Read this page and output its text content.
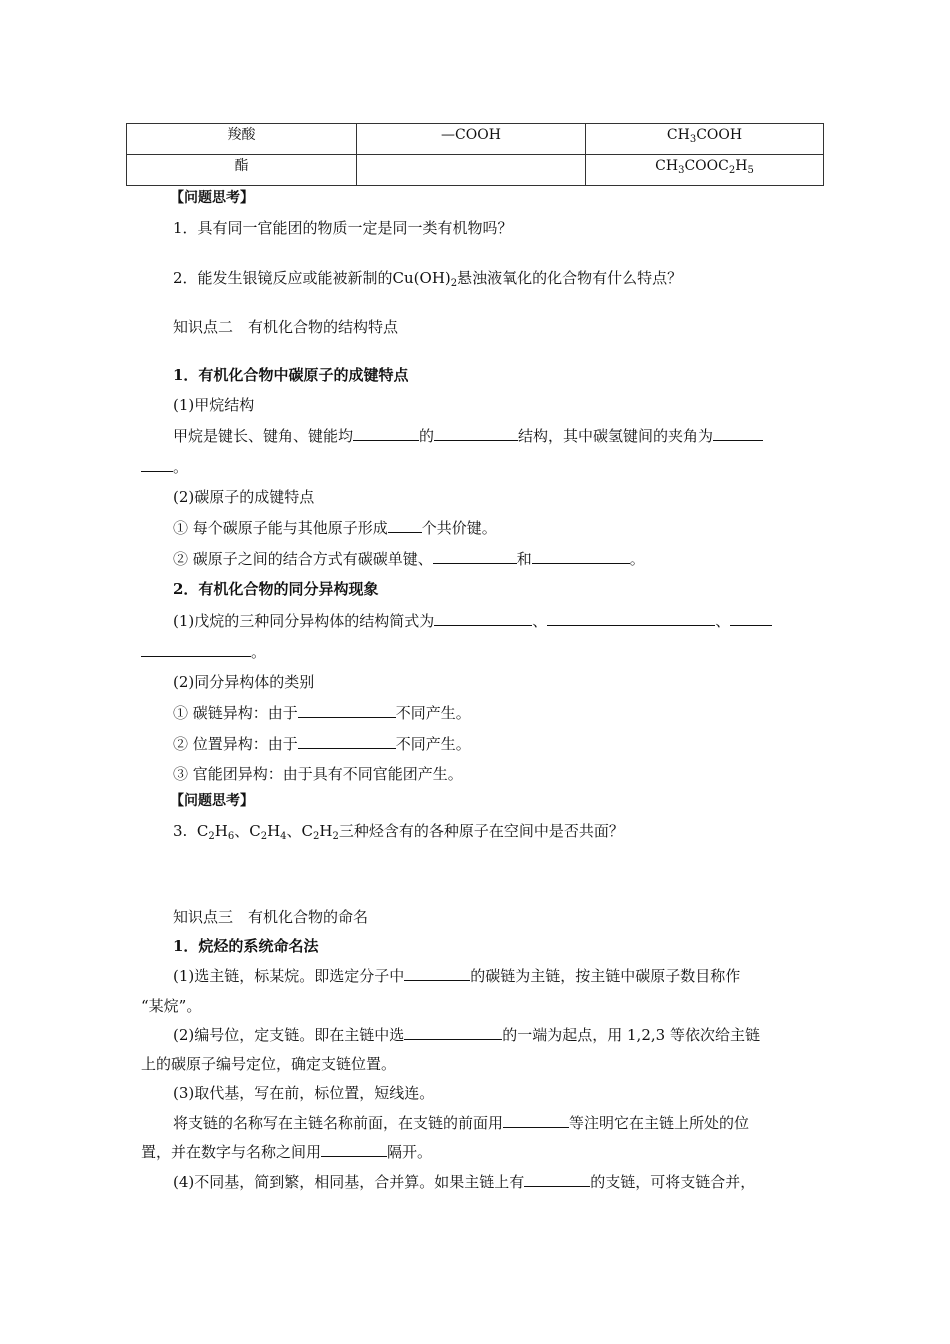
羧酸	—COOH	$CH_3COOH$
酯		$CH_3COOC_2H_5$
【问题思考】
1．具有同一官能团的物质一定是同一类有机物吗？
2．能发生银镜反应或能被新制的$Cu(OH)_2$悬浊液氧化的化合物有什么特点？
知识点二　有机化合物的结构特点
1．有机化合物中碳原子的成键特点
(1)甲烷结构
甲烷是键长、键角、键能均	的	结构，其中碳氢键间的夹角为
。
(2)碳原子的成键特点
① 每个碳原子能与其他原子形成 个共价键。
② 碳原子之间的结合方式有碳碳单键、	和	。
2．有机化合物的同分异构现象
(1)戊烷的三种同分异构体的结构简式为	、	、
。
(2)同分异构体的类别
① 碳链异构：由于	不同产生。
② 位置异构：由于	不同产生。
③ 官能团异构：由于具有不同官能团产生。
【问题思考】
3. $C_2H_6$、$C_2H_4$、$C_2H_2$三种烃含有的各种原子在空间中是否共面？
知识点三　有机化合物的命名
1．烷烃的系统命名法
(1)选主链，标某烷。即选定分子中	的碳链为主链，按主链中碳原子数目称作
“某烷”。
(2)编号位，定支链。即在主链中选	的一端为起点，用 1,2,3 等依次给主链
上的碳原子编号定位，确定支链位置。
(3)取代基，写在前，标位置，短线连。
将支链的名称写在主链名称前面，在支链的前面用	等注明它在主链上所处的位
置，并在数字与名称之间用	隔开。
(4)不同基，简到繁，相同基，合并算。如果主链上有	的支链，可将支链合并，
